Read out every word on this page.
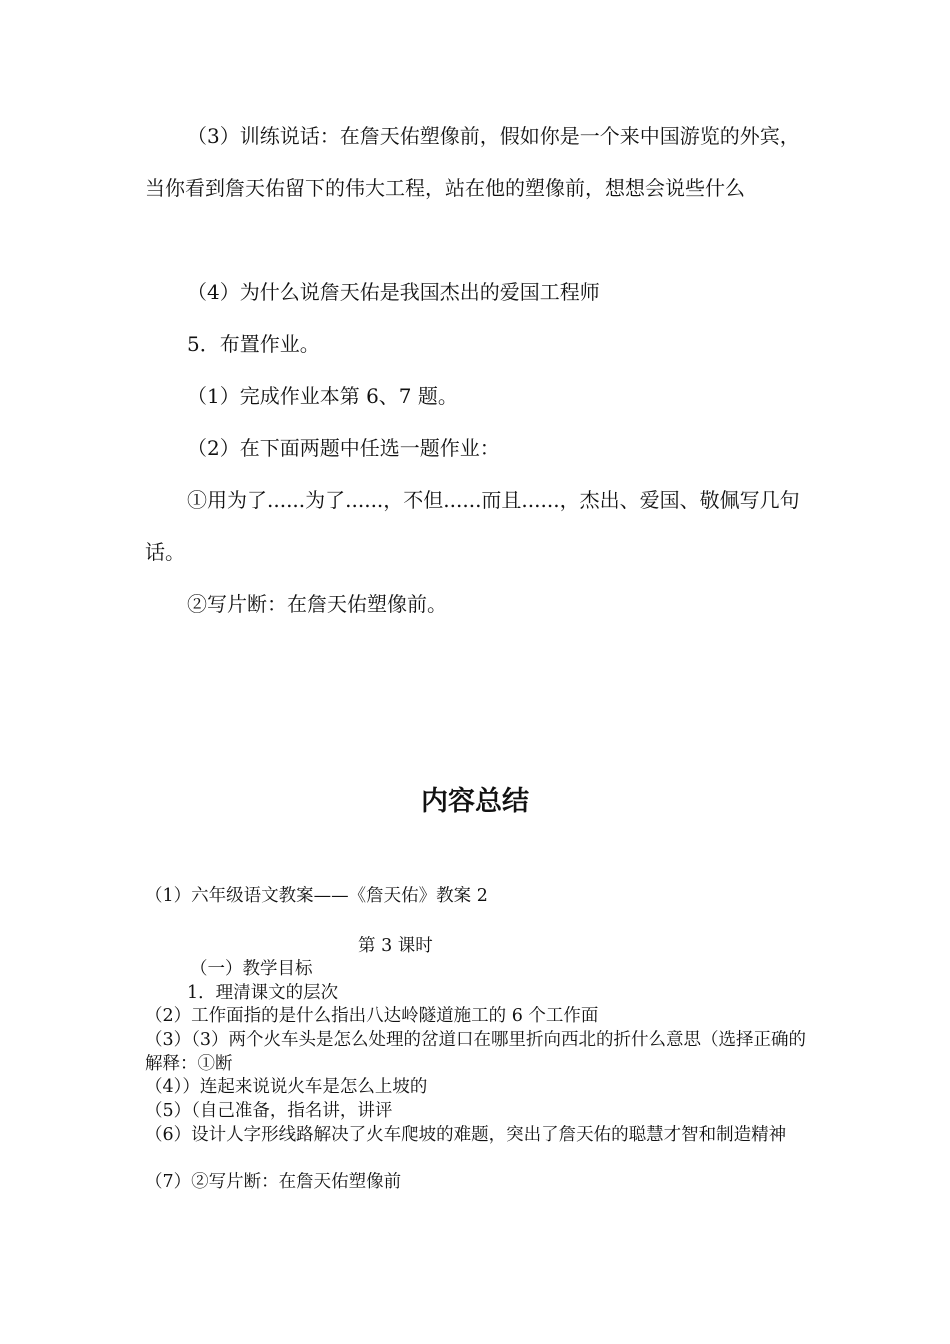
（3）训练说话：在詹天佑塑像前，假如你是一个来中国游览的外宾，当你看到詹天佑留下的伟大工程，站在他的塑像前，想想会说些什么

（4）为什么说詹天佑是我国杰出的爱国工程师

5．布置作业。

（1）完成作业本第 6、7 题。

（2）在下面两题中任选一题作业：

①用为了......为了......，不但......而且......，杰出、爱国、敬佩写几句话。

②写片断：在詹天佑塑像前。

内容总结

（1）六年级语文教案——《詹天佑》教案 2

第 3 课时

（一）教学目标

1．理清课文的层次

（2）工作面指的是什么指出八达岭隧道施工的 6 个工作面

（3）（3）两个火车头是怎么处理的岔道口在哪里折向西北的折什么意思（选择正确的解释：①断

（4））连起来说说火车是怎么上坡的

（5）（自己准备，指名讲，讲评

（6）设计人字形线路解决了火车爬坡的难题，突出了詹天佑的聪慧才智和制造精神

（7）②写片断：在詹天佑塑像前
